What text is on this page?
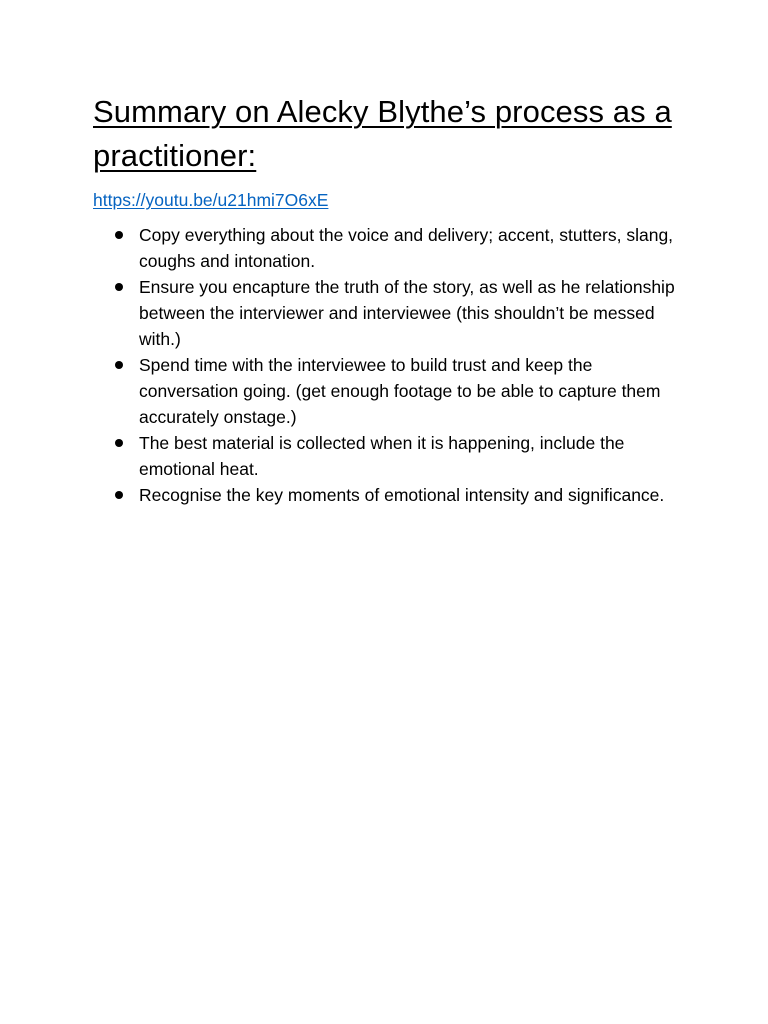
Summary on Alecky Blythe’s process as a practitioner:
https://youtu.be/u21hmi7O6xE
Copy everything about the voice and delivery; accent, stutters, slang, coughs and intonation.
Ensure you encapture the truth of the story, as well as he relationship between the interviewer and interviewee (this shouldn’t be messed with.)
Spend time with the interviewee to build trust and keep the conversation going. (get enough footage to be able to capture them accurately onstage.)
The best material is collected when it is happening, include the emotional heat.
Recognise the key moments of emotional intensity and significance.
